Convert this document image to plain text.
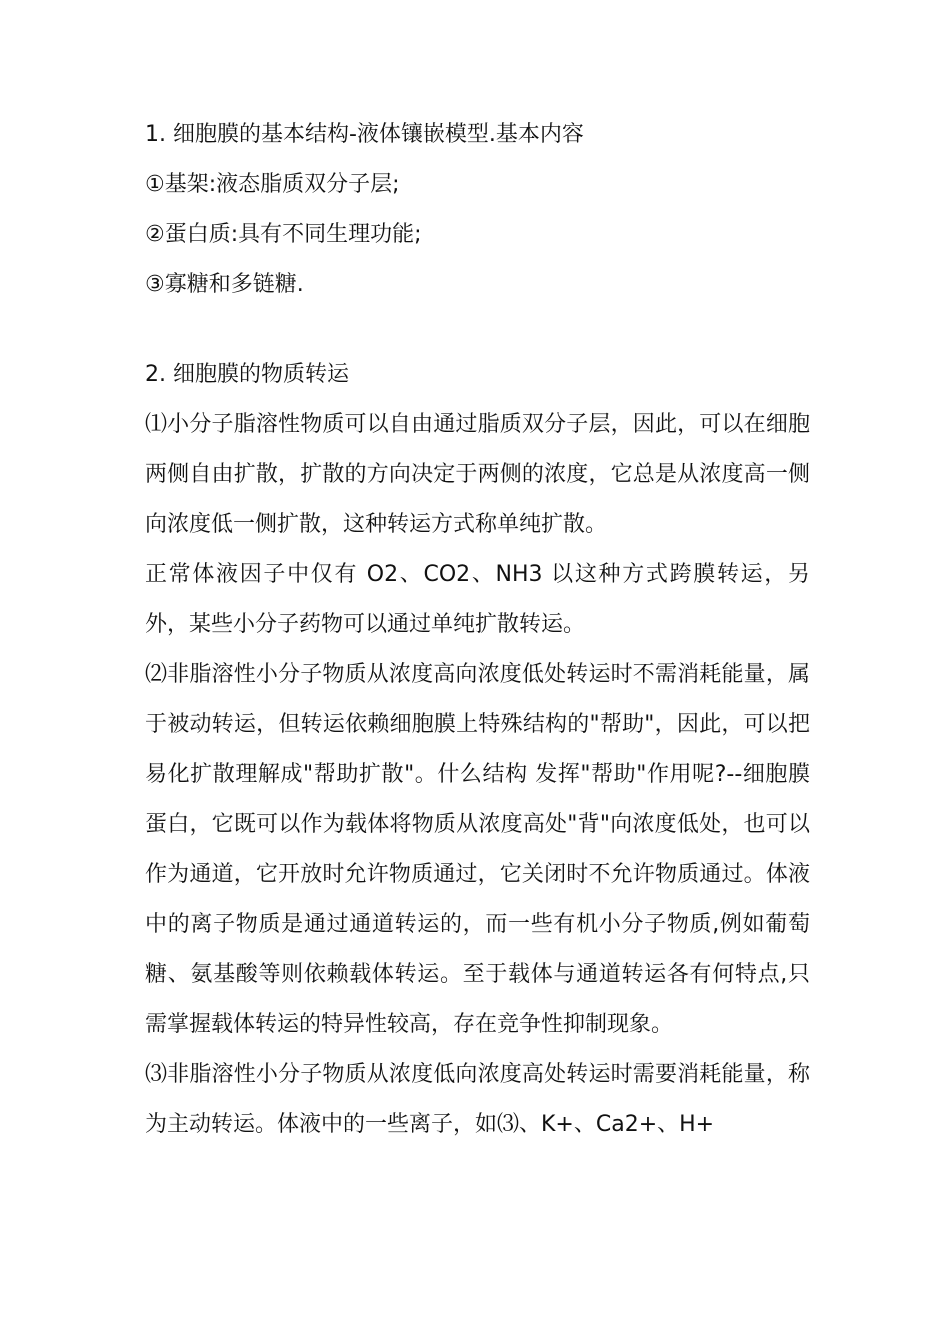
1. 细胞膜的基本结构-液体镶嵌模型.基本内容
①基架:液态脂质双分子层;
②蛋白质:具有不同生理功能;
③寡糖和多链糖.
2. 细胞膜的物质转运
⑴小分子脂溶性物质可以自由通过脂质双分子层，因此，可以在细胞两侧自由扩散，扩散的方向决定于两侧的浓度，它总是从浓度高一侧向浓度低一侧扩散，这种转运方式称单纯扩散。
正常体液因子中仅有 O2、CO2、NH3 以这种方式跨膜转运，另外，某些小分子药物可以通过单纯扩散转运。
⑵非脂溶性小分子物质从浓度高向浓度低处转运时不需消耗能量，属于被动转运，但转运依赖细胞膜上特殊结构的"帮助"，因此，可以把易化扩散理解成"帮助扩散"。什么结构 发挥"帮助"作用呢?--细胞膜蛋白，它既可以作为载体将物质从浓度高处"背"向浓度低处，也可以作为通道，它开放时允许物质通过，它关闭时不允许物质通过。体液中的离子物质是通过通道转运的，而一些有机小分子物质,例如葡萄糖、氨基酸等则依赖载体转运。至于载体与通道转运各有何特点,只需掌握载体转运的特异性较高，存在竞争性抑制现象。
⑶非脂溶性小分子物质从浓度低向浓度高处转运时需要消耗能量，称为主动转运。体液中的一些离子，如⑶、K+、Ca2+、H+
